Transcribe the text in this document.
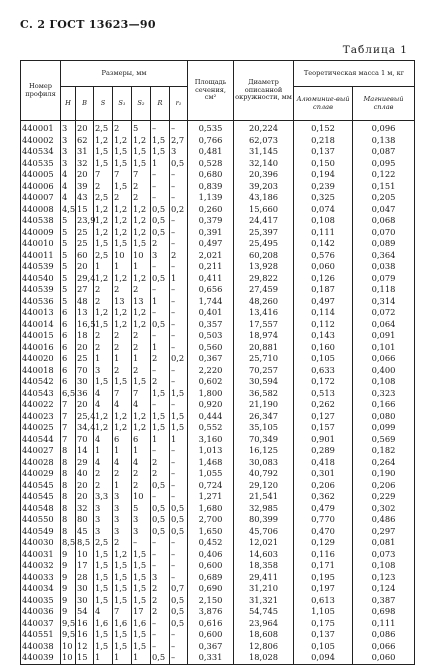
С. 2 ГОСТ 13623—90
Таблица 1
Номер профиля	Размеры, мм							Площадь сечения, см²	Диаметр описанной окружности, мм	Теоретическая масса 1 м, кг	
	H	B	S	S₁	S₂	R	r₁			Алюминие-вый сплав	Магниевый сплав
440001	3	20	2,5	2	5	–	–	0,535	20,224	0,152	0,096
440002	3	62	1,2	1,2	1,2	1,5	2,7	0,766	62,073	0,218	0,138
440534	3	31	1,5	1,5	1,5	1,5	3	0,481	31,145	0,137	0,087
440535	3	32	1,5	1,5	1,5	1	0,5	0,528	32,140	0,150	0,095
440005	4	20	7	7	7	–	–	0,680	20,396	0,194	0,122
440006	4	39	2	1,5	2	–	–	0,839	39,203	0,239	0,151
440007	4	43	2,5	2	2	–	–	1,139	43,186	0,325	0,205
440008	4,5	15	1,2	1,2	1,2	0,5	0,2	0,260	15,660	0,074	0,047
440538	5	23,9	1,2	1,2	1,2	0,5	–	0,379	24,417	0,108	0,068
440009	5	25	1,2	1,2	1,2	0,5	–	0,391	25,397	0,111	0,070
440010	5	25	1,5	1,5	1,5	2	–	0,497	25,495	0,142	0,089
440011	5	60	2,5	10	10	3	2	2,021	60,208	0,576	0,364
440539	5	20	1	1	1	–	–	0,211	13,928	0,060	0,038
440540	5	29,4	1,2	1,2	1,2	0,5	1	0,411	29,822	0,126	0,079
440539	5	27	2	2	2	–	–	0,656	27,459	0,187	0,118
440536	5	48	2	13	13	1	–	1,744	48,260	0,497	0,314
440013	6	13	1,2	1,2	1,2	–	–	0,401	13,416	0,114	0,072
440014	6	16,5	1,5	1,2	1,2	0,5	–	0,357	17,557	0,112	0,064
440015	6	18	2	2	2	–	–	0,503	18,974	0,143	0,091
440016	6	20	2	2	2	1	–	0,560	20,881	0,160	0,101
440020	6	25	1	1	1	2	0,2	0,367	25,710	0,105	0,066
440018	6	70	3	2	2	–	–	2,220	70,257	0,633	0,400
440542	6	30	1,5	1,5	1,5	2	–	0,602	30,594	0,172	0,108
440543	6,5	36	4	7	7	1,5	1,5	1,800	36,582	0,513	0,323
440022	7	20	4	4	4	–	–	0,920	21,190	0,262	0,166
440023	7	25,4	1,2	1,2	1,2	1,5	1,5	0,444	26,347	0,127	0,080
440025	7	34,4	1,2	1,2	1,2	1,5	1,5	0,552	35,105	0,157	0,099
440544	7	70	4	6	6	1	1	3,160	70,349	0,901	0,569
440027	8	14	1	1	1	–	–	1,013	16,125	0,289	0,182
440028	8	29	4	4	4	2	–	1,468	30,083	0,418	0,264
440029	8	40	2	2	2	2	–	1,055	40,792	0,301	0,190
440545	8	20	2	1	2	0,5	–	0,724	29,120	0,206	0,206
440545	8	20	3,3	3	10	–	–	1,271	21,541	0,362	0,229
440548	8	32	3	3	5	0,5	0,5	1,680	32,985	0,479	0,302
440550	8	80	3	3	3	0,5	0,5	2,700	80,399	0,770	0,486
440549	8	45	3	3	3	0,5	0,5	1,650	45,706	0,470	0,297
440030	8,5	8,5	2,5	2	–	–	–	0,452	12,021	0,129	0,081
440031	9	10	1,5	1,2	1,5	–	–	0,406	14,603	0,116	0,073
440032	9	17	1,5	1,5	1,5	–	–	0,600	18,358	0,171	0,108
440033	9	28	1,5	1,5	1,5	3	–	0,689	29,411	0,195	0,123
440034	9	30	1,5	1,5	1,5	2	0,7	0,690	31,210	0,197	0,124
440035	9	30	1,5	1,5	1,5	2	0,5	2,150	31,321	0,613	0,387
440036	9	54	4	7	17	2	0,5	3,876	54,745	1,105	0,698
440037	9,5	16	1,6	1,6	1,6	–	0,5	0,616	23,964	0,175	0,111
440551	9,5	16	1,5	1,5	1,5	–	–	0,600	18,608	0,137	0,086
440038	10	12	1,5	1,5	1,5	–	–	0,367	12,806	0,105	0,066
440039	10	15	1	1	1	0,5	–	0,331	18,028	0,094	0,060
